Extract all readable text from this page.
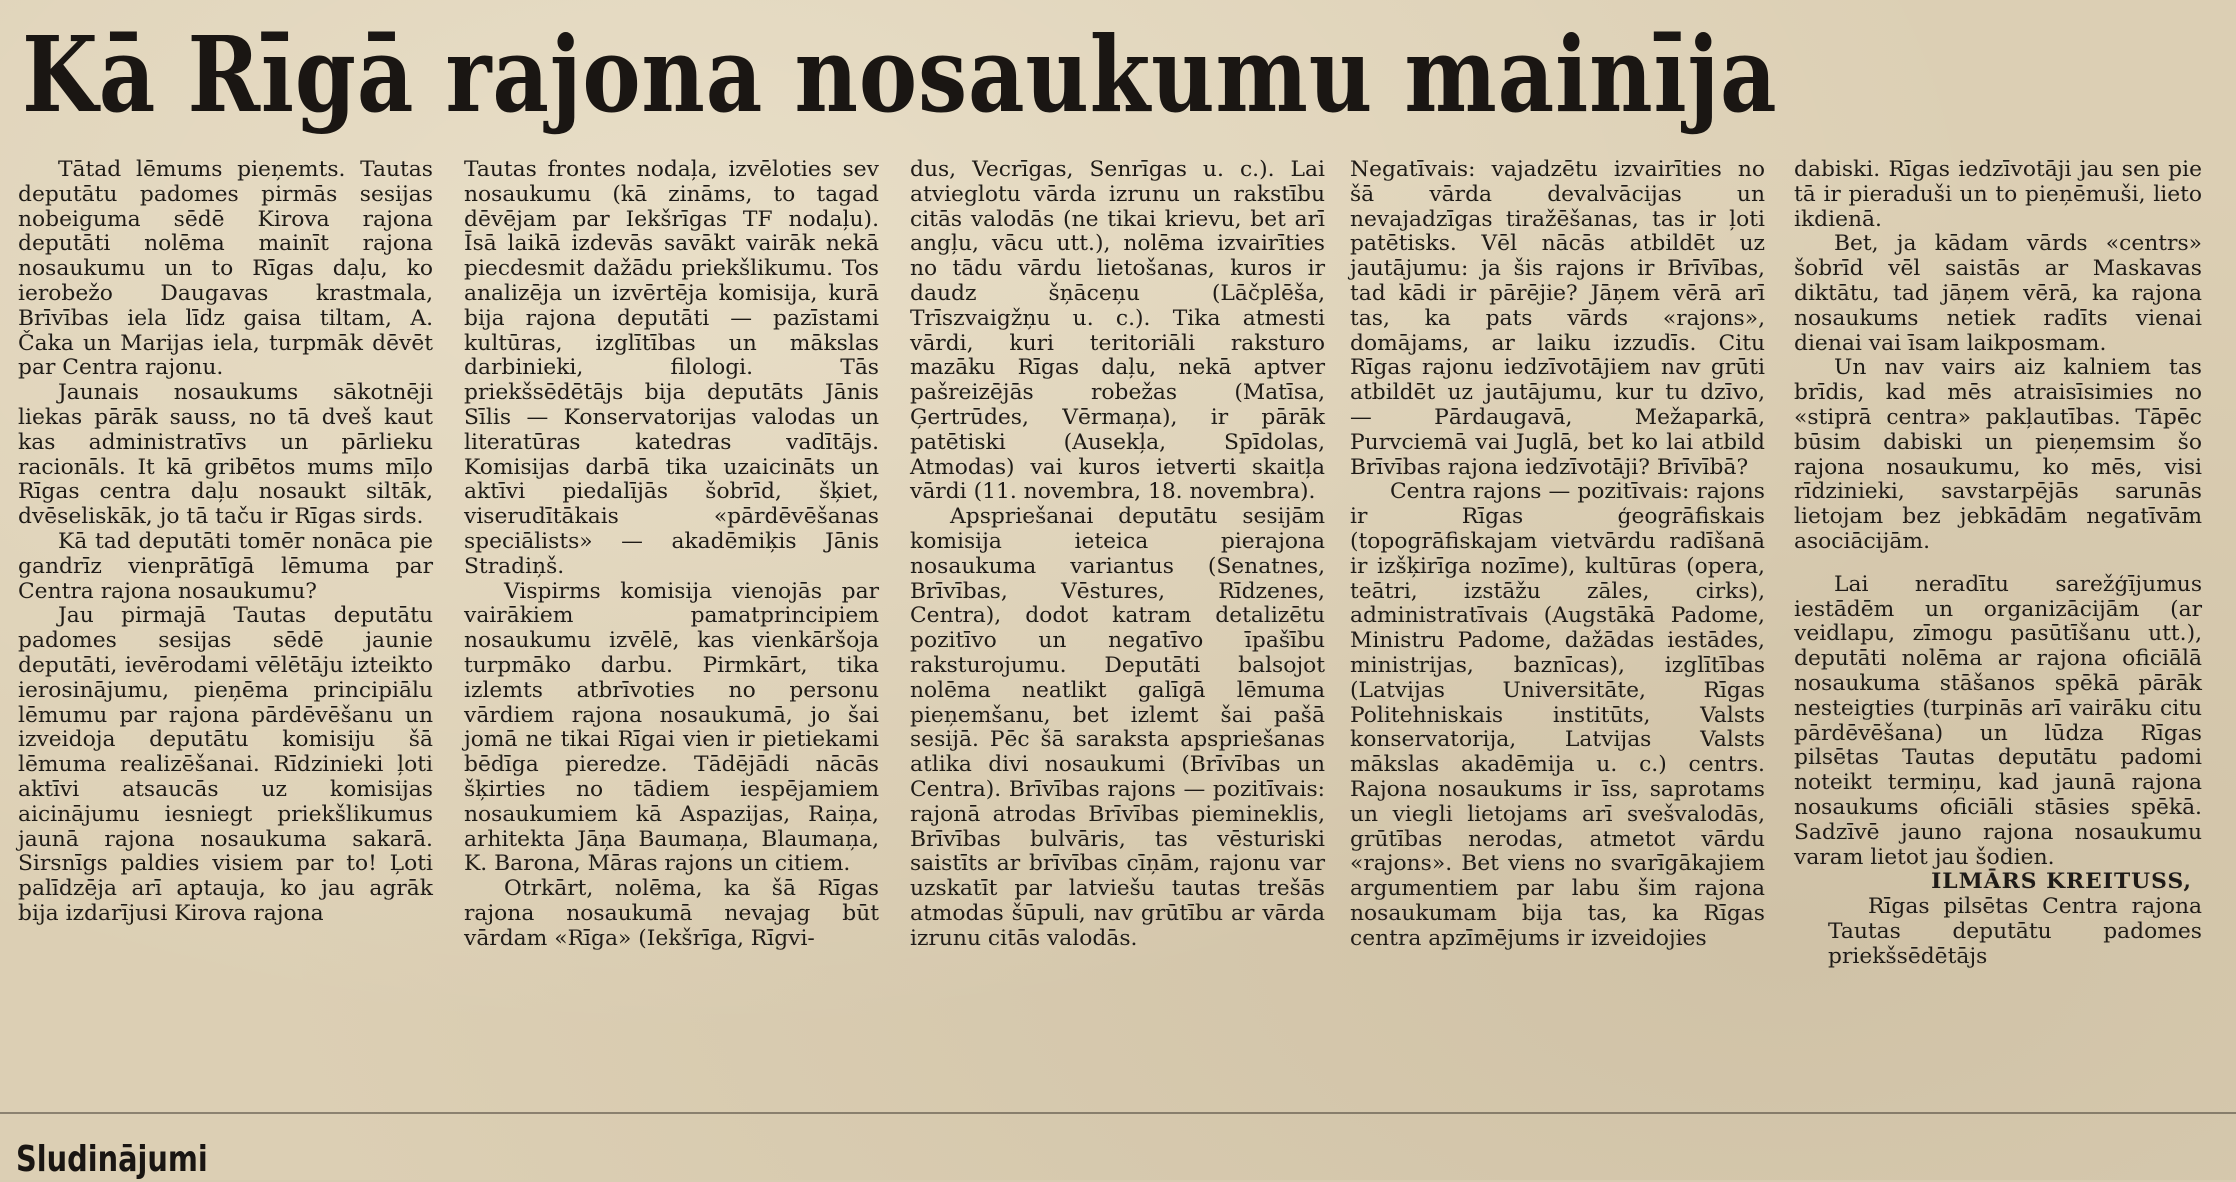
Kā Rīgā rajona nosaukumu mainīja

Tātad lēmums pieņemts. Tautas deputātu padomes pirmās sesijas nobeiguma sēdē Kirova rajona deputāti nolēma mainīt rajona nosaukumu un to Rīgas daļu, ko ierobežo Daugavas krastmala, Brīvības iela līdz gaisa tiltam, A. Čaka un Marijas iela, turpmāk dēvēt par Centra rajonu.

Jaunais nosaukums sākotnēji liekas pārāk sauss, no tā dveš kaut kas administratīvs un pārlieku racionāls. It kā gribētos mums mīļo Rīgas centra daļu nosaukt siltāk, dvēseliskāk, jo tā taču ir Rīgas sirds.

Kā tad deputāti tomēr nonāca pie gandrīz vienprātīgā lēmuma par Centra rajona nosaukumu?

Jau pirmajā Tautas deputātu padomes sesijas sēdē jaunie deputāti, ievērodami vēlētāju izteikto ierosinājumu, pieņēma principiālu lēmumu par rajona pārdēvēšanu un izveidoja deputātu komisiju šā lēmuma realizēšanai. Rīdzinieki ļoti aktīvi atsaucās uz komisijas aicinājumu iesniegt priekšlikumus jaunā rajona nosaukuma sakarā. Sirsnīgs paldies visiem par to! Ļoti palīdzēja arī aptauja, ko jau agrāk bija izdarījusi Kirova rajona

Tautas frontes nodaļa, izvēloties sev nosaukumu (kā zināms, to tagad dēvējam par Iekšrīgas TF nodaļu). Īsā laikā izdevās savākt vairāk nekā piecdesmit dažādu priekšlikumu. Tos analizēja un izvērtēja komisija, kurā bija rajona deputāti — pazīstami kultūras, izglītības un mākslas darbinieki, filologi. Tās priekšsēdētājs bija deputāts Jānis Sīlis — Konservatorijas valodas un literatūras katedras vadītājs. Komisijas darbā tika uzaicināts un aktīvi piedalījās šobrīd, šķiet, viserudītākais «pārdēvēšanas speciālists» — akadēmiķis Jānis Stradiņš.

Vispirms komisija vienojās par vairākiem pamatprincipiem nosaukumu izvēlē, kas vienkāršoja turpmāko darbu. Pirmkārt, tika izlemts atbrīvoties no personu vārdiem rajona nosaukumā, jo šai jomā ne tikai Rīgai vien ir pietiekami bēdīga pieredze. Tādējādi nācās šķirties no tādiem iespējamiem nosaukumiem kā Aspazijas, Raiņa, arhitekta Jāņa Baumaņa, Blaumaņa, K. Barona, Māras rajons un citiem.

Otrkārt, nolēma, ka šā Rīgas rajona nosaukumā nevajag būt vārdam «Rīga» (Iekšrīga, Rīgvi-

dus, Vecrīgas, Senrīgas u. c.). Lai atvieglotu vārda izrunu un rakstību citās valodās (ne tikai krievu, bet arī angļu, vācu utt.), nolēma izvairīties no tādu vārdu lietošanas, kuros ir daudz šņāceņu (Lāčplēša, Trīszvaigžņu u. c.). Tika atmesti vārdi, kuri teritoriāli raksturo mazāku Rīgas daļu, nekā aptver pašreizējās robežas (Matīsa, Ģertrūdes, Vērmaņa), ir pārāk patētiski (Ausekļa, Spīdolas, Atmodas) vai kuros ietverti skaitļa vārdi (11. novembra, 18. novembra).

Apspriešanai deputātu sesijām komisija ieteica pierajona nosaukuma variantus (Senatnes, Brīvības, Vēstures, Rīdzenes, Centra), dodot katram detalizētu pozitīvo un negatīvo īpašību raksturojumu. Deputāti balsojot nolēma neatlikt galīgā lēmuma pieņemšanu, bet izlemt šai pašā sesijā. Pēc šā saraksta apspriešanas atlika divi nosaukumi (Brīvības un Centra). Brīvības rajons — pozitīvais: rajonā atrodas Brīvības piemineklis, Brīvības bulvāris, tas vēsturiski saistīts ar brīvības cīņām, rajonu var uzskatīt par latviešu tautas trešās atmodas šūpuli, nav grūtību ar vārda izrunu citās valodās.

Negatīvais: vajadzētu izvairīties no šā vārda devalvācijas un nevajadzīgas tiražēšanas, tas ir ļoti patētisks. Vēl nācās atbildēt uz jautājumu: ja šis rajons ir Brīvības, tad kādi ir pārējie? Jāņem vērā arī tas, ka pats vārds «rajons», domājams, ar laiku izzudīs. Citu Rīgas rajonu iedzīvotājiem nav grūti atbildēt uz jautājumu, kur tu dzīvo, — Pārdaugavā, Mežaparkā, Purvciemā vai Juglā, bet ko lai atbild Brīvības rajona iedzīvotāji? Brīvībā?

Centra rajons — pozitīvais: rajons ir Rīgas ģeogrāfiskais (topogrāfiskajam vietvārdu radīšanā ir izšķirīga nozīme), kultūras (opera, teātri, izstāžu zāles, cirks), administratīvais (Augstākā Padome, Ministru Padome, dažādas iestādes, ministrijas, baznīcas), izglītības (Latvijas Universitāte, Rīgas Politehniskais institūts, Valsts konservatorija, Latvijas Valsts mākslas akadēmija u. c.) centrs. Rajona nosaukums ir īss, saprotams un viegli lietojams arī svešvalodās, grūtības nerodas, atmetot vārdu «rajons». Bet viens no svarīgākajiem argumentiem par labu šim rajona nosaukumam bija tas, ka Rīgas centra apzīmējums ir izveidojies

dabiski. Rīgas iedzīvotāji jau sen pie tā ir pieraduši un to pieņēmuši, lieto ikdienā.

Bet, ja kādam vārds «centrs» šobrīd vēl saistās ar Maskavas diktātu, tad jāņem vērā, ka rajona nosaukums netiek radīts vienai dienai vai īsam laikposmam.

Un nav vairs aiz kalniem tas brīdis, kad mēs atraisīsimies no «stiprā centra» pakļautības. Tāpēc būsim dabiski un pieņemsim šo rajona nosaukumu, ko mēs, visi rīdzinieki, savstarpējās sarunās lietojam bez jebkādām negatīvām asociācijām.

Lai neradītu sarežģījumus iestādēm un organizācijām (ar veidlapu, zīmogu pasūtīšanu utt.), deputāti nolēma ar rajona oficiālā nosaukuma stāšanos spēkā pārāk nesteigties (turpinās arī vairāku citu pārdēvēšana) un lūdza Rīgas pilsētas Tautas deputātu padomi noteikt termiņu, kad jaunā rajona nosaukums oficiāli stāsies spēkā. Sadzīvē jauno rajona nosaukumu varam lietot jau šodien.

ILMĀRS KREITUSS,

Rīgas pilsētas Centra rajona Tautas deputātu padomes priekšsēdētājs

Sludinājumi
